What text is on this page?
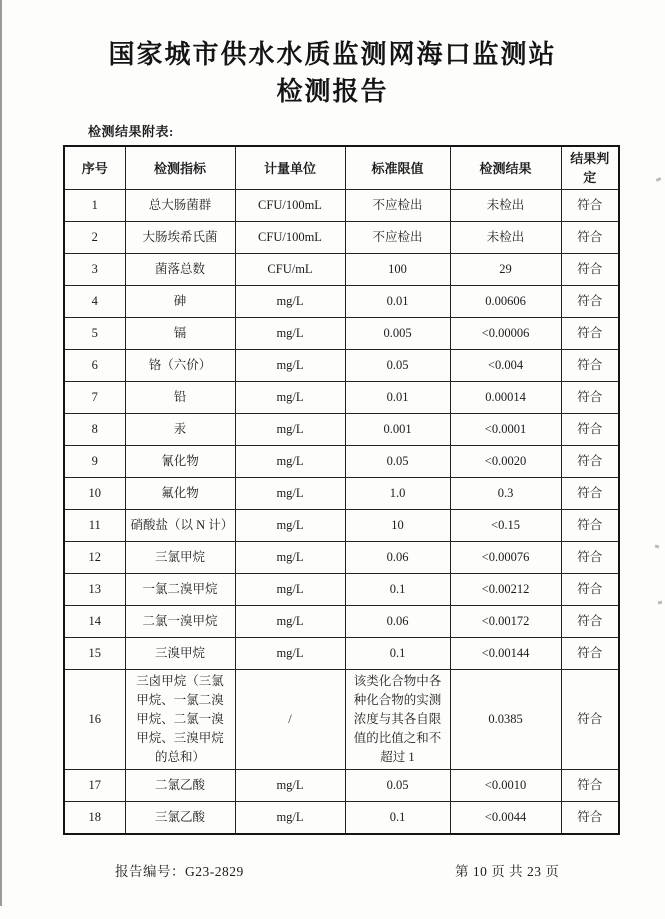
国家城市供水水质监测网海口监测站
检测报告
检测结果附表:
序号	检测指标	计量单位	标准限值	检测结果	结果判定
1	总大肠菌群	CFU/100mL	不应检出	未检出	符合
2	大肠埃希氏菌	CFU/100mL	不应检出	未检出	符合
3	菌落总数	CFU/mL	100	29	符合
4	砷	mg/L	0.01	0.00606	符合
5	镉	mg/L	0.005	<0.00006	符合
6	铬（六价）	mg/L	0.05	<0.004	符合
7	铅	mg/L	0.01	0.00014	符合
8	汞	mg/L	0.001	<0.0001	符合
9	氰化物	mg/L	0.05	<0.0020	符合
10	氟化物	mg/L	1.0	0.3	符合
11	硝酸盐（以 N 计）	mg/L	10	<0.15	符合
12	三氯甲烷	mg/L	0.06	<0.00076	符合
13	一氯二溴甲烷	mg/L	0.1	<0.00212	符合
14	二氯一溴甲烷	mg/L	0.06	<0.00172	符合
15	三溴甲烷	mg/L	0.1	<0.00144	符合
16	三卤甲烷（三氯甲烷、一氯二溴甲烷、二氯一溴甲烷、三溴甲烷的总和）	/	该类化合物中各种化合物的实测浓度与其各自限值的比值之和不超过 1	0.0385	符合
17	二氯乙酸	mg/L	0.05	<0.0010	符合
18	三氯乙酸	mg/L	0.1	<0.0044	符合
报告编号：G23-2829	第 10 页 共 23 页
